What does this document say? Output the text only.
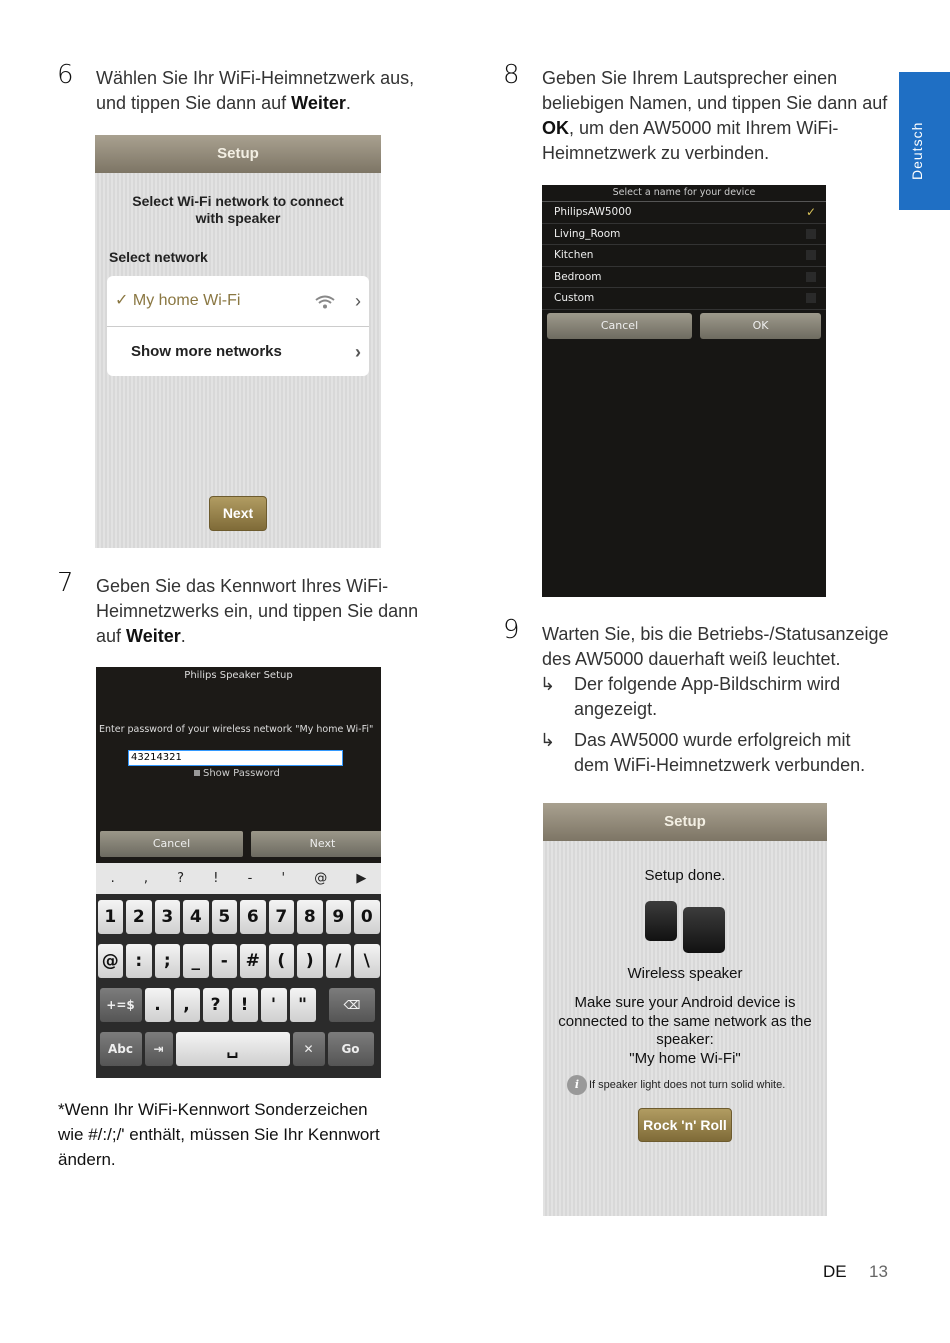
Deutsch
6 Wählen Sie Ihr WiFi-Heimnetzwerk aus,
und tippen Sie dann auf Weiter.
Setup
Select Wi-Fi network to connect
with speaker
Select network
✓ My home Wi-Fi	›
Show more networks	›
Next
7 Geben Sie das Kennwort Ihres WiFi-
Heimnetzwerks ein, und tippen Sie dann
auf Weiter.
Philips Speaker Setup
Enter password of your wireless network "My home Wi-Fi"
43214321
Show Password
Cancel	Next
. , ? ! - ' @ ▶
1 2 3 4 5 6 7 8 9 0
@ :	;	_	-	#	(	)	/	\
+=$	.	,	?	!	'	"	⌫
Abc	⇥	␣	✕	Go
*Wenn Ihr WiFi-Kennwort Sonderzeichen
wie #/:/;/' enthält, müssen Sie Ihr Kennwort
ändern.
8 Geben Sie Ihrem Lautsprecher einen
beliebigen Namen, und tippen Sie dann auf
OK, um den AW5000 mit Ihrem WiFi-
Heimnetzwerk zu verbinden.
Select a name for your device
PhilipsAW5000	✓
Living_Room
Kitchen
Bedroom
Custom
Cancel	OK
9 Warten Sie, bis die Betriebs-/Statusanzeige
des AW5000 dauerhaft weiß leuchtet.
↳ Der folgende App-Bildschirm wird
angezeigt.
↳ Das AW5000 wurde erfolgreich mit
dem WiFi-Heimnetzwerk verbunden.
Setup
Setup done.
Wireless speaker
Make sure your Android device is
connected to the same network as the
speaker:
"My home Wi-Fi"
i If speaker light does not turn solid white.
Rock 'n' Roll
DE 13
